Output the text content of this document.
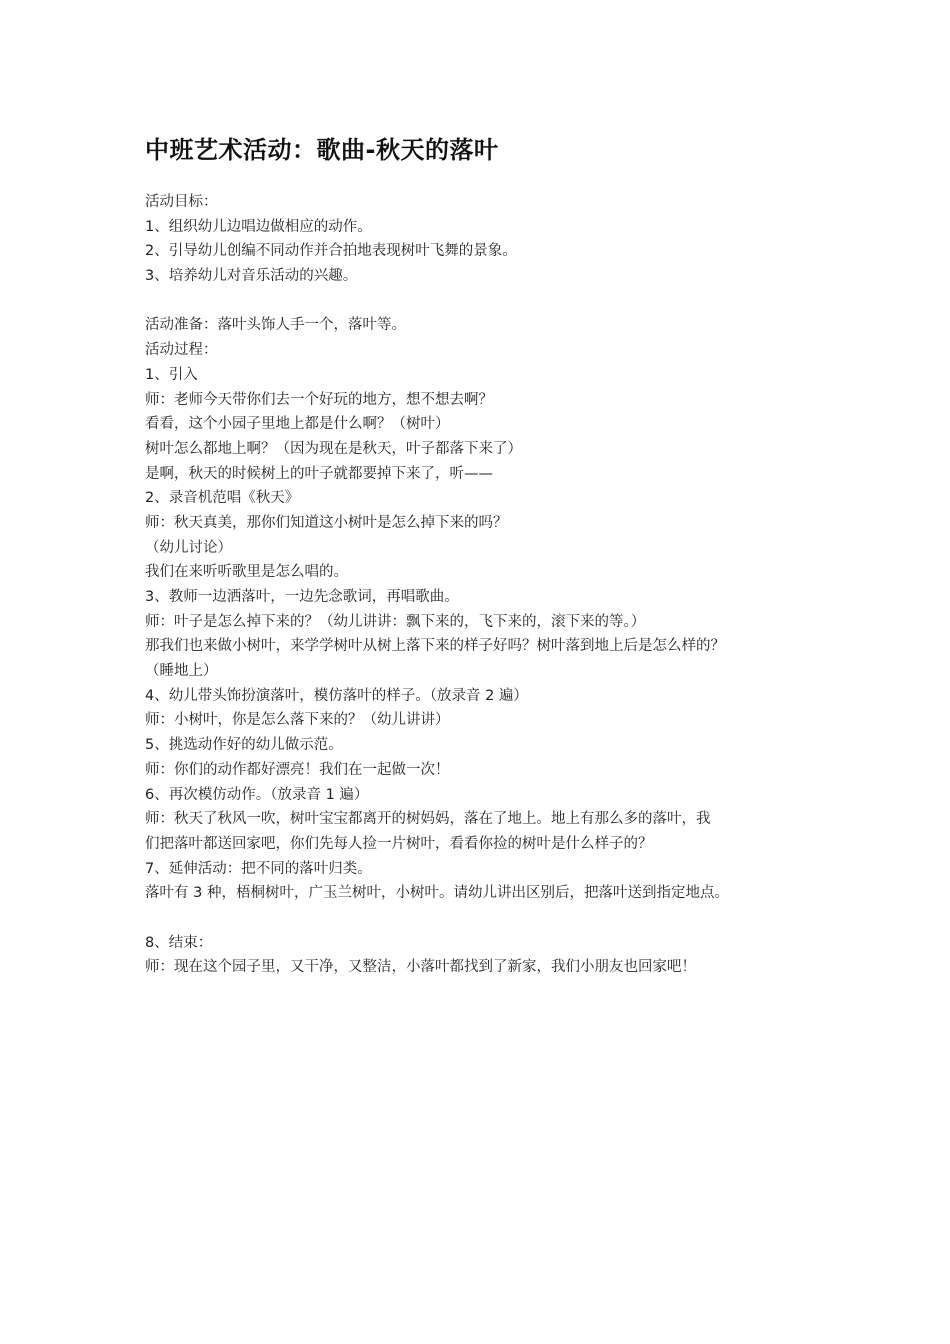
中班艺术活动：歌曲-秋天的落叶
活动目标：
1、组织幼儿边唱边做相应的动作。
2、引导幼儿创编不同动作并合拍地表现树叶飞舞的景象。
3、培养幼儿对音乐活动的兴趣。
活动准备：落叶头饰人手一个，落叶等。
活动过程：
1、引入
师：老师今天带你们去一个好玩的地方，想不想去啊？
看看，这个小园子里地上都是什么啊？（树叶）
树叶怎么都地上啊？（因为现在是秋天，叶子都落下来了）
是啊，秋天的时候树上的叶子就都要掉下来了，听——
2、录音机范唱《秋天》
师：秋天真美，那你们知道这小树叶是怎么掉下来的吗？
（幼儿讨论）
我们在来听听歌里是怎么唱的。
3、教师一边洒落叶，一边先念歌词，再唱歌曲。
师：叶子是怎么掉下来的？（幼儿讲讲：飘下来的，飞下来的，滚下来的等。）
那我们也来做小树叶，来学学树叶从树上落下来的样子好吗？树叶落到地上后是怎么样的？
（睡地上）
4、幼儿带头饰扮演落叶，模仿落叶的样子。（放录音 2 遍）
师：小树叶，你是怎么落下来的？（幼儿讲讲）
5、挑选动作好的幼儿做示范。
师：你们的动作都好漂亮！我们在一起做一次！
6、再次模仿动作。（放录音 1 遍）
师：秋天了秋风一吹，树叶宝宝都离开的树妈妈，落在了地上。地上有那么多的落叶，我
们把落叶都送回家吧，你们先每人捡一片树叶，看看你捡的树叶是什么样子的？
7、延伸活动：把不同的落叶归类。
落叶有 3 种，梧桐树叶，广玉兰树叶，小树叶。请幼儿讲出区别后，把落叶送到指定地点。
8、结束：
师：现在这个园子里，又干净，又整洁，小落叶都找到了新家，我们小朋友也回家吧！
